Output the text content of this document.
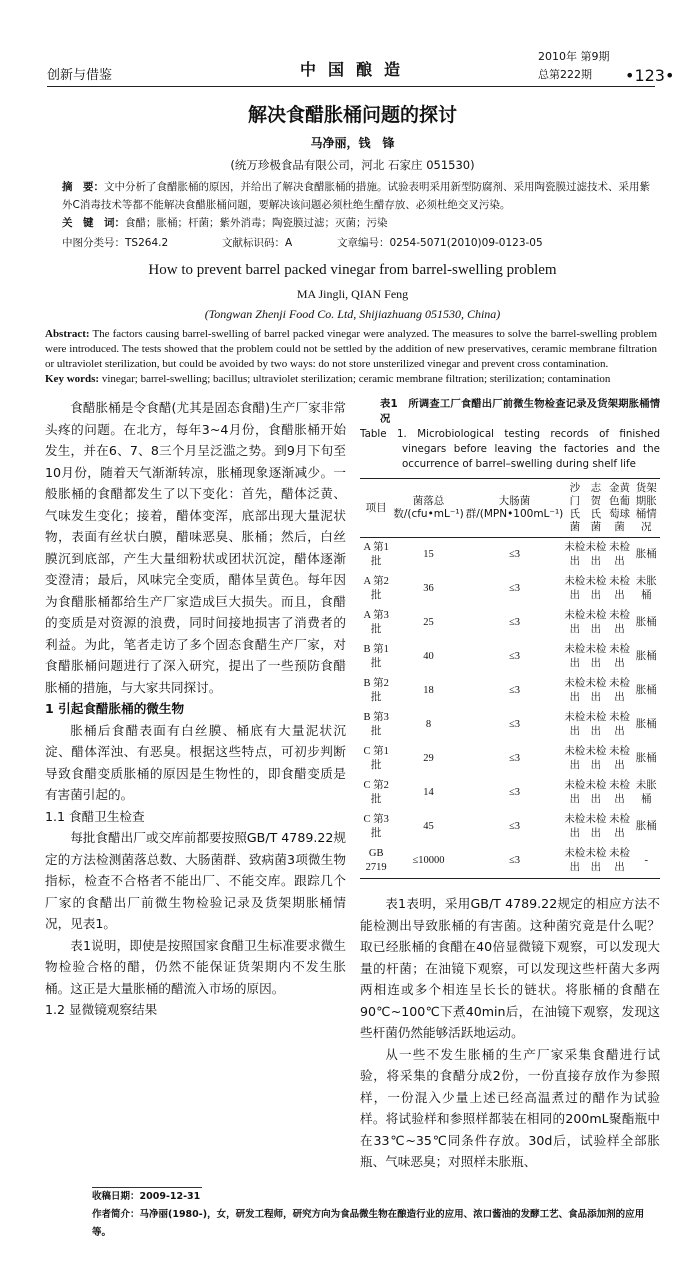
创新与借鉴	中国酿造
2010年 第9期
总第222期	•123•
解决食醋胀桶问题的探讨
马净丽，钱　锋
(统万珍极食品有限公司，河北 石家庄 051530)
摘　要：文中分析了食醋胀桶的原因，并给出了解决食醋胀桶的措施。试验表明采用新型防腐剂、采用陶瓷膜过滤技术、采用紫外C消毒技术等都不能解决食醋胀桶问题，要解决该问题必须杜绝生醋存放、必须杜绝交叉污染。
关　键　词：食醋；胀桶；杆菌；紫外消毒；陶瓷膜过滤；灭菌；污染
中图分类号：TS264.2	文献标识码：A	文章编号：0254-5071(2010)09-0123-05
How to prevent barrel packed vinegar from barrel-swelling problem
MA Jingli, QIAN Feng
(Tongwan Zhenji Food Co. Ltd, Shijiazhuang 051530, China)
Abstract: The factors causing barrel-swelling of barrel packed vinegar were analyzed. The measures to solve the barrel-swelling problem were introduced. The tests showed that the problem could not be settled by the addition of new preservatives, ceramic membrane filtration or ultraviolet sterilization, but could be avoided by two ways: do not store unsterilized vinegar and prevent cross contamination.
Key words: vinegar; barrel-swelling; bacillus; ultraviolet sterilization; ceramic membrane filtration; sterilization; contamination

食醋胀桶是令食醋(尤其是固态食醋)生产厂家非常头疼的问题。在北方，每年3~4月份，食醋胀桶开始发生，并在6、7、8三个月呈泛滥之势。到9月下旬至10月份，随着天气渐渐转凉，胀桶现象逐渐减少。一般胀桶的食醋都发生了以下变化：首先，醋体泛黄、气味发生变化；接着，醋体变浑，底部出现大量泥状物，表面有丝状白膜，醋味恶臭、胀桶；然后，白丝膜沉到底部，产生大量细粉状或团状沉淀，醋体逐渐变澄清；最后，风味完全变质，醋体呈黄色。每年因为食醋胀桶都给生产厂家造成巨大损失。而且，食醋的变质是对资源的浪费，同时间接地损害了消费者的利益。为此，笔者走访了多个固态食醋生产厂家，对食醋胀桶问题进行了深入研究，提出了一些预防食醋胀桶的措施，与大家共同探讨。

1 引起食醋胀桶的微生物

胀桶后食醋表面有白丝膜、桶底有大量泥状沉淀、醋体浑浊、有恶臭。根据这些特点，可初步判断导致食醋变质胀桶的原因是生物性的，即食醋变质是有害菌引起的。

1.1 食醋卫生检查

每批食醋出厂或交库前都要按照GB/T 4789.22规定的方法检测菌落总数、大肠菌群、致病菌3项微生物指标，检查不合格者不能出厂、不能交库。跟踪几个厂家的食醋出厂前微生物检验记录及货架期胀桶情况，见表1。

表1说明，即使是按照国家食醋卫生标准要求微生物检验合格的醋，仍然不能保证货架期内不发生胀桶。这正是大量胀桶的醋流入市场的原因。

1.2 显微镜观察结果
表1　所调查工厂食醋出厂前微生物检查记录及货架期胀桶情况
Table 1. Microbiological testing records of finished vinegars before leaving the factories and the occurrence of barrel–swelling during shelf life
项目	菌落总数/(cfu•mL⁻¹)	大肠菌群/(MPN•100mL⁻¹)	沙门氏菌	志贺氏菌	金黄色葡萄球菌	货架期胀桶情况
A 第1批	15	≤3	未检出	未检出	未检出	胀桶
A 第2批	36	≤3	未检出	未检出	未检出	未胀桶
A 第3批	25	≤3	未检出	未检出	未检出	胀桶
B 第1批	40	≤3	未检出	未检出	未检出	胀桶
B 第2批	18	≤3	未检出	未检出	未检出	胀桶
B 第3批	8	≤3	未检出	未检出	未检出	胀桶
C 第1批	29	≤3	未检出	未检出	未检出	胀桶
C 第2批	14	≤3	未检出	未检出	未检出	未胀桶
C 第3批	45	≤3	未检出	未检出	未检出	胀桶
GB 2719	≤10000	≤3	未检出	未检出	未检出	-

表1表明，采用GB/T 4789.22规定的相应方法不能检测出导致胀桶的有害菌。这种菌究竟是什么呢？取已经胀桶的食醋在40倍显微镜下观察，可以发现大量的杆菌；在油镜下观察，可以发现这些杆菌大多两两相连或多个相连呈长长的链状。将胀桶的食醋在90℃~100℃下煮40min后，在油镜下观察，发现这些杆菌仍然能够活跃地运动。

从一些不发生胀桶的生产厂家采集食醋进行试验，将采集的食醋分成2份，一份直接存放作为参照样，一份混入少量上述已经高温煮过的醋作为试验样。将试验样和参照样都装在相同的200mL聚酯瓶中在33℃~35℃同条件存放。30d后，试验样全部胀瓶、气味恶臭；对照样未胀瓶、

收稿日期：2009-12-31
作者简介：马净丽(1980-)，女，研发工程师，研究方向为食品微生物在酿造行业的应用、浓口酱油的发酵工艺、食品添加剂的应用等。
